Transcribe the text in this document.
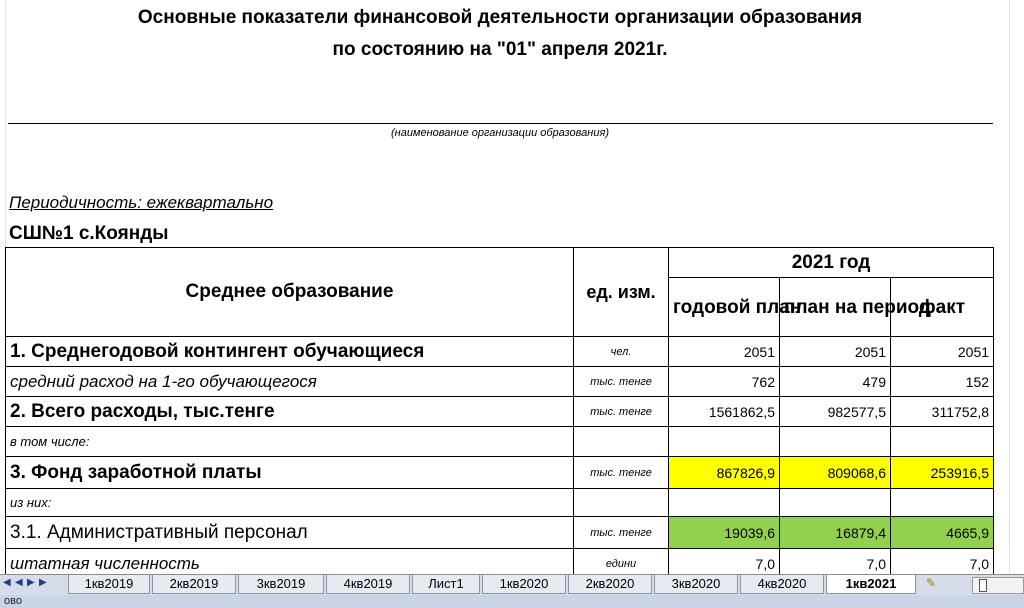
Основные показатели финансовой деятельности организации образования
по состоянию на "01" апреля 2021г.
(наименование организации образования)
Периодичность: ежеквартально
СШ№1 с.Коянды
Среднее образование	ед. изм.	2021 год		
		годовой план	план на период	факт
1. Среднегодовой контингент обучающиеся	чел.	2051	2051	2051
средний расход на 1-го обучающегося	тыс. тенге	762	479	152
2. Всего расходы, тыс.тенге	тыс. тенге	1561862,5	982577,5	311752,8
в том числе:				
3. Фонд заработной платы	тыс. тенге	867826,9	809068,6	253916,5
из них:				
3.1. Административный персонал	тыс. тенге	19039,6	16879,4	4665,9
штатная численность	едини	7,0	7,0	7,0
◀ ◀ ▶ ▶	1кв2019	2кв2019	3кв2019	4кв2019	Лист1	1кв2020	2кв2020	3кв2020	4кв2020	1кв2021	✎
ово
